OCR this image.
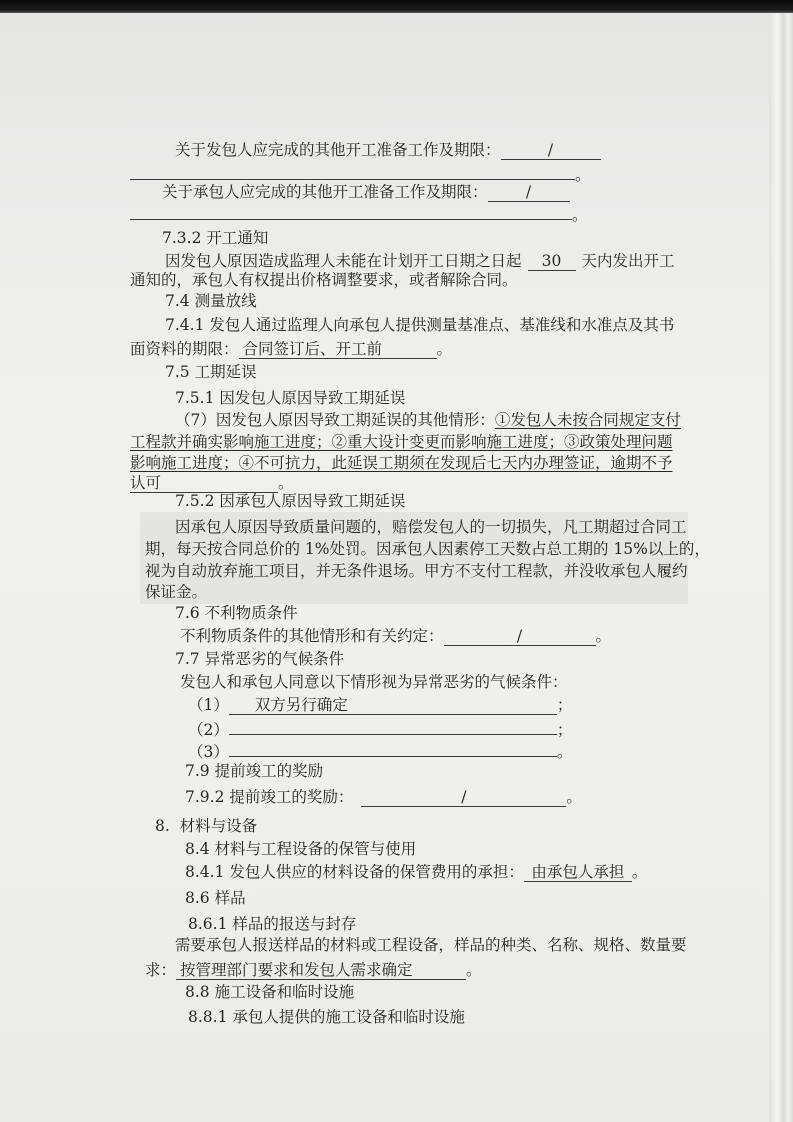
关于发包人应完成的其他开工准备工作及期限：	/
。
关于承包人应完成的其他开工准备工作及期限： /
。
7.3.2 开工通知
因发包人原因造成监理人未能在计划开工日期之日起 30 天内发出开工
通知的，承包人有权提出价格调整要求，或者解除合同。
7.4 测量放线
7.4.1 发包人通过监理人向承包人提供测量基准点、基准线和水准点及其书
面资料的期限： 合同签订后、开工前	。
7.5 工期延误
7.5.1 因发包人原因导致工期延误
（7）因发包人原因导致工期延误的其他情形：①发包人未按合同规定支付
工程款并确实影响施工进度；②重大设计变更而影响施工进度；③政策处理问题
影响施工进度；④不可抗力，此延误工期须在发现后七天内办理签证，逾期不予
认可	。
7.5.2 因承包人原因导致工期延误
因承包人原因导致质量问题的，赔偿发包人的一切损失，凡工期超过合同工
期，每天按合同总价的 1%处罚。因承包人因素停工天数占总工期的 15%以上的，
视为自动放弃施工项目，并无条件退场。甲方不支付工程款，并没收承包人履约
保证金。
7.6 不利物质条件
不利物质条件的其他情形和有关约定：	/	。
7.7 异常恶劣的气候条件
发包人和承包人同意以下情形视为异常恶劣的气候条件：
（1） 双方另行确定	；
（2）	；
（3）	。
7.9 提前竣工的奖励
7.9.2 提前竣工的奖励：	/	。
8.  材料与设备
8.4 材料与工程设备的保管与使用
8.4.1 发包人供应的材料设备的保管费用的承担： 由承包人承担 。
8.6 样品
8.6.1 样品的报送与封存
需要承包人报送样品的材料或工程设备，样品的种类、名称、规格、数量要
求： 按管理部门要求和发包人需求确定	。
8.8 施工设备和临时设施
8.8.1 承包人提供的施工设备和临时设施
